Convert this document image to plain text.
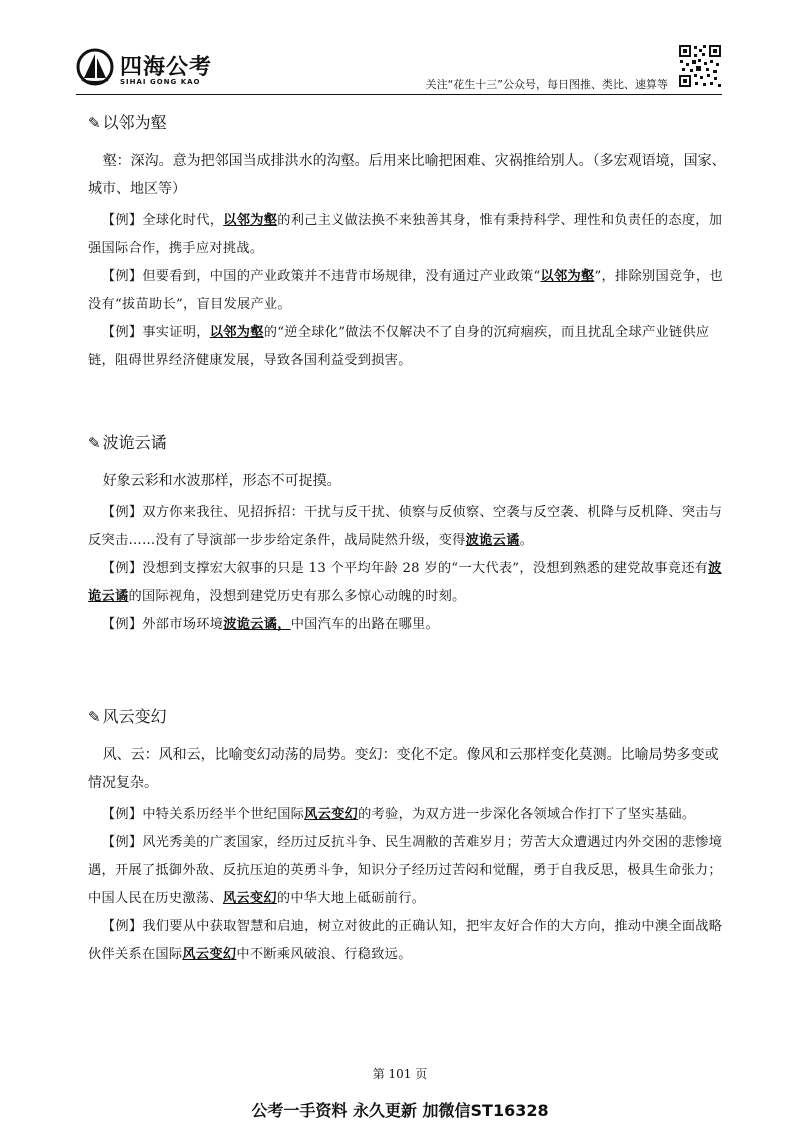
四海公考
SIHAI GONG KAO	关注“花生十三”公众号，每日图推、类比、速算等
✎ 以邻为壑

壑：深沟。意为把邻国当成排洪水的沟壑。后用来比喻把困难、灾祸推给别人。（多宏观语境，国家、城市、地区等）

【例】全球化时代，以邻为壑的利己主义做法换不来独善其身，惟有秉持科学、理性和负责任的态度，加强国际合作，携手应对挑战。

【例】但要看到，中国的产业政策并不违背市场规律，没有通过产业政策“以邻为壑”，排除别国竞争，也没有“拔苗助长”，盲目发展产业。

【例】事实证明，以邻为壑的“逆全球化”做法不仅解决不了自身的沉疴痼疾，而且扰乱全球产业链供应链，阻碍世界经济健康发展，导致各国利益受到损害。

✎ 波诡云谲

好象云彩和水波那样，形态不可捉摸。

【例】双方你来我往、见招拆招：干扰与反干扰、侦察与反侦察、空袭与反空袭、机降与反机降、突击与反突击……没有了导演部一步步给定条件，战局陡然升级，变得波诡云谲。

【例】没想到支撑宏大叙事的只是 13 个平均年龄 28 岁的“一大代表”，没想到熟悉的建党故事竟还有波诡云谲的国际视角，没想到建党历史有那么多惊心动魄的时刻。

【例】外部市场环境波诡云谲，中国汽车的出路在哪里。

✎ 风云变幻

风、云：风和云，比喻变幻动荡的局势。变幻：变化不定。像风和云那样变化莫测。比喻局势多变或情况复杂。

【例】中特关系历经半个世纪国际风云变幻的考验，为双方进一步深化各领域合作打下了坚实基础。

【例】风光秀美的广袤国家，经历过反抗斗争、民生凋敝的苦难岁月；劳苦大众遭遇过内外交困的悲惨境遇，开展了抵御外敌、反抗压迫的英勇斗争，知识分子经历过苦闷和觉醒，勇于自我反思，极具生命张力；中国人民在历史激荡、风云变幻的中华大地上砥砺前行。

【例】我们要从中获取智慧和启迪，树立对彼此的正确认知，把牢友好合作的大方向，推动中澳全面战略伙伴关系在国际风云变幻中不断乘风破浪、行稳致远。

第 101 页
公考一手资料 永久更新 加微信ST16328
